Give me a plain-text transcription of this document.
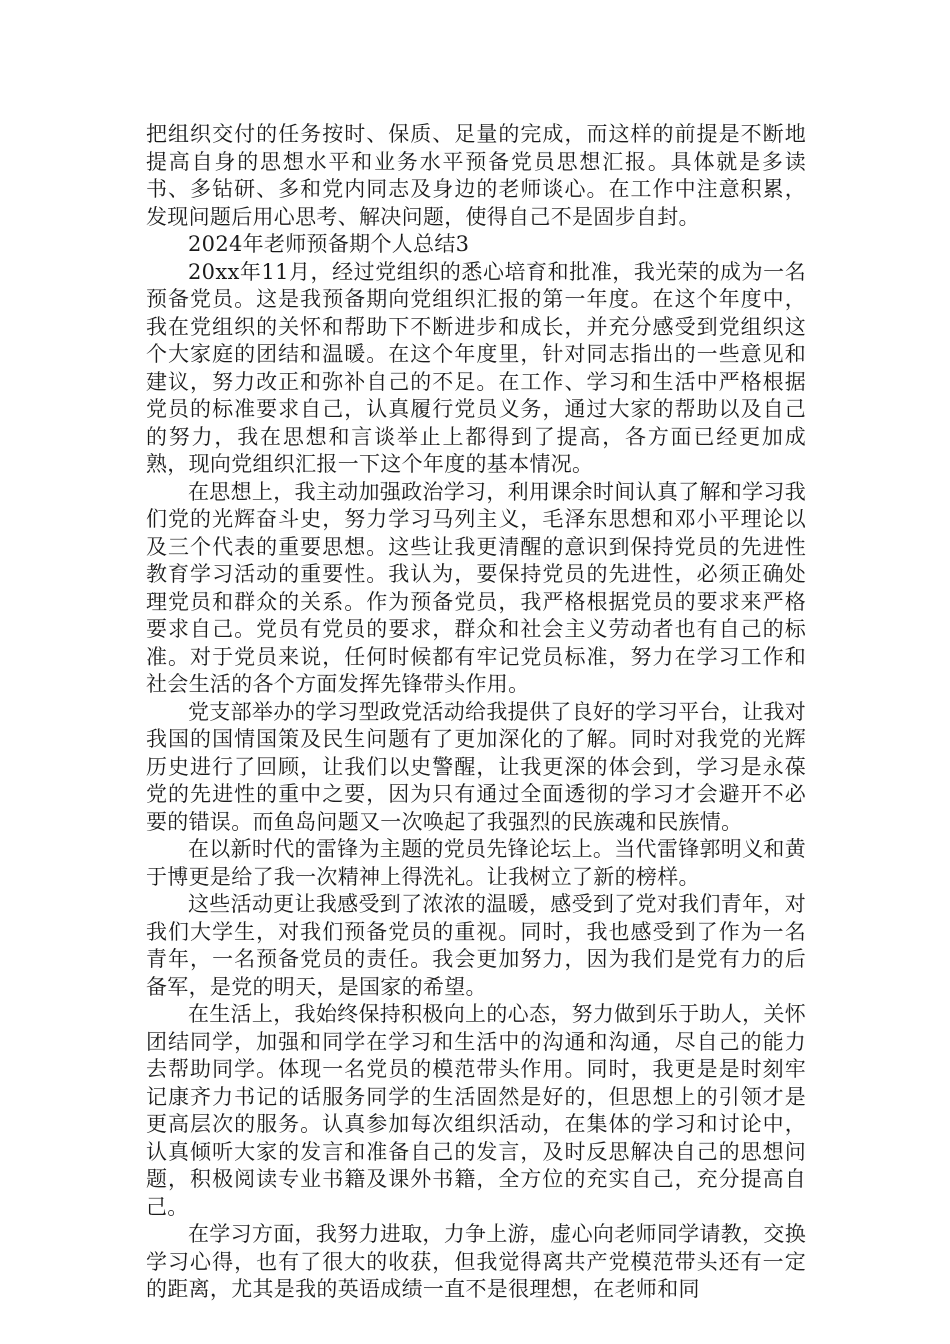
把组织交付的任务按时、保质、足量的完成，而这样的前提是不断地提高自身的思想水平和业务水平预备党员思想汇报。具体就是多读书、多钻研、多和党内同志及身边的老师谈心。在工作中注意积累，发现问题后用心思考、解决问题，使得自己不是固步自封。

2024年老师预备期个人总结3

20xx年11月，经过党组织的悉心培育和批准，我光荣的成为一名预备党员。这是我预备期向党组织汇报的第一年度。在这个年度中，我在党组织的关怀和帮助下不断进步和成长，并充分感受到党组织这个大家庭的团结和温暖。在这个年度里，针对同志指出的一些意见和建议，努力改正和弥补自己的不足。在工作、学习和生活中严格根据党员的标准要求自己，认真履行党员义务，通过大家的帮助以及自己的努力，我在思想和言谈举止上都得到了提高，各方面已经更加成熟，现向党组织汇报一下这个年度的基本情况。

在思想上，我主动加强政治学习，利用课余时间认真了解和学习我们党的光辉奋斗史，努力学习马列主义，毛泽东思想和邓小平理论以及三个代表的重要思想。这些让我更清醒的意识到保持党员的先进性教育学习活动的重要性。我认为，要保持党员的先进性，必须正确处理党员和群众的关系。作为预备党员，我严格根据党员的要求来严格要求自己。党员有党员的要求，群众和社会主义劳动者也有自己的标准。对于党员来说，任何时候都有牢记党员标准，努力在学习工作和社会生活的各个方面发挥先锋带头作用。

党支部举办的学习型政党活动给我提供了良好的学习平台，让我对我国的国情国策及民生问题有了更加深化的了解。同时对我党的光辉历史进行了回顾，让我们以史警醒，让我更深的体会到，学习是永葆党的先进性的重中之要，因为只有通过全面透彻的学习才会避开不必要的错误。而鱼岛问题又一次唤起了我强烈的民族魂和民族情。

在以新时代的雷锋为主题的党员先锋论坛上。当代雷锋郭明义和黄于博更是给了我一次精神上得洗礼。让我树立了新的榜样。

这些活动更让我感受到了浓浓的温暖，感受到了党对我们青年，对我们大学生，对我们预备党员的重视。同时，我也感受到了作为一名青年，一名预备党员的责任。我会更加努力，因为我们是党有力的后备军，是党的明天，是国家的希望。

在生活上，我始终保持积极向上的心态，努力做到乐于助人，关怀团结同学，加强和同学在学习和生活中的沟通和沟通，尽自己的能力去帮助同学。体现一名党员的模范带头作用。同时，我更是是时刻牢记康齐力书记的话服务同学的生活固然是好的，但思想上的引领才是更高层次的服务。认真参加每次组织活动，在集体的学习和讨论中，认真倾听大家的发言和准备自己的发言，及时反思解决自己的思想问题，积极阅读专业书籍及课外书籍，全方位的充实自己，充分提高自己。

在学习方面，我努力进取，力争上游，虚心向老师同学请教，交换学习心得，也有了很大的收获，但我觉得离共产党模范带头还有一定的距离，尤其是我的英语成绩一直不是很理想，在老师和同
